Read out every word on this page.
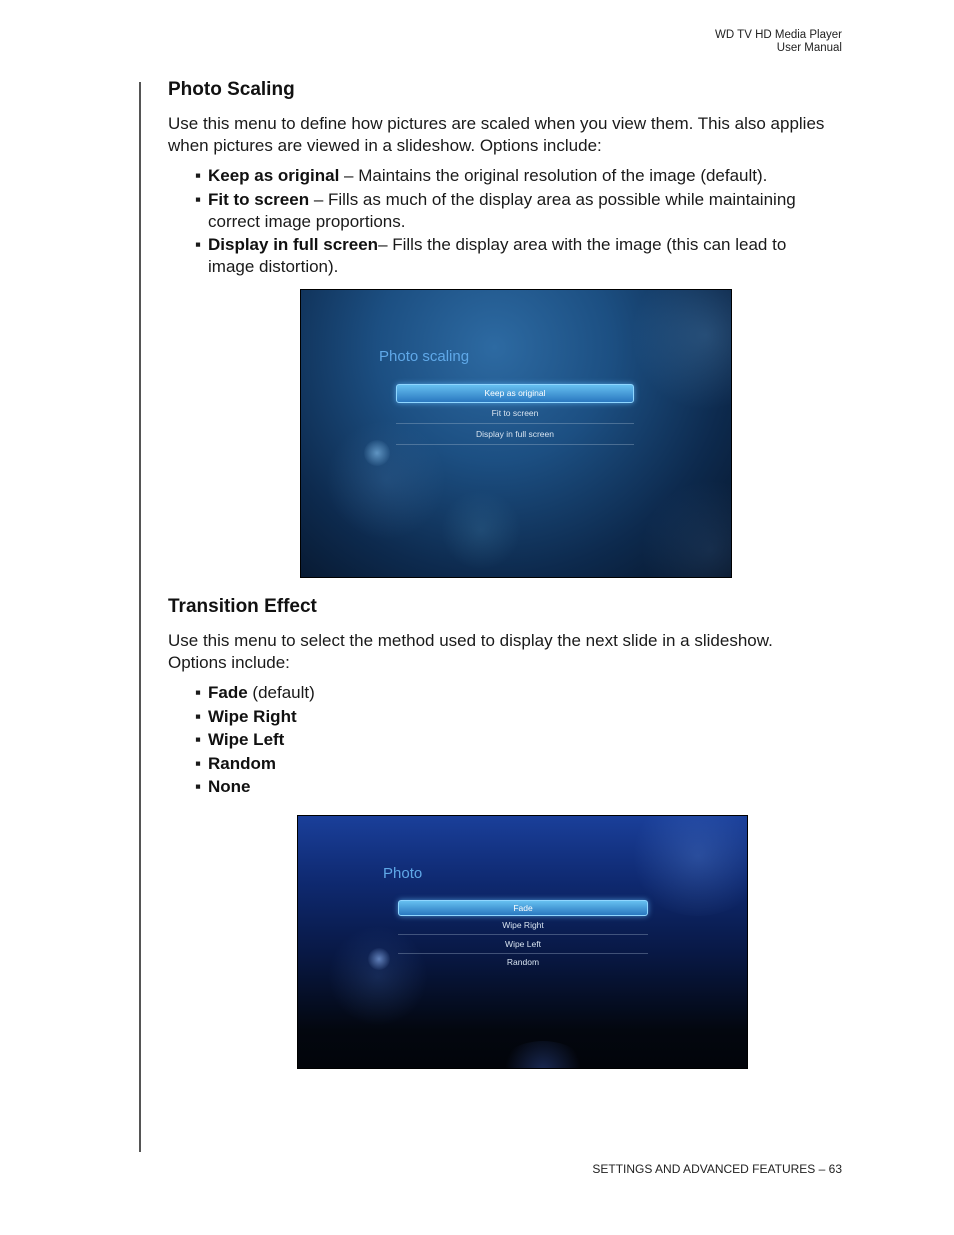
WD TV HD Media Player
User Manual
Photo Scaling

Use this menu to define how pictures are scaled when you view them. This also applies when pictures are viewed in a slideshow. Options include:

▪ Keep as original – Maintains the original resolution of the image (default).
▪ Fit to screen – Fills as much of the display area as possible while maintaining correct image proportions.
▪ Display in full screen– Fills the display area with the image (this can lead to image distortion).
Transition Effect

Use this menu to select the method used to display the next slide in a slideshow. Options include:

▪ Fade (default)
▪ Wipe Right
▪ Wipe Left
▪ Random
▪ None
Photo scaling
Keep as original
Fit to screen
Display in full screen
Photo
Fade
Wipe Right
Wipe Left
Random
SETTINGS AND ADVANCED FEATURES – 63
